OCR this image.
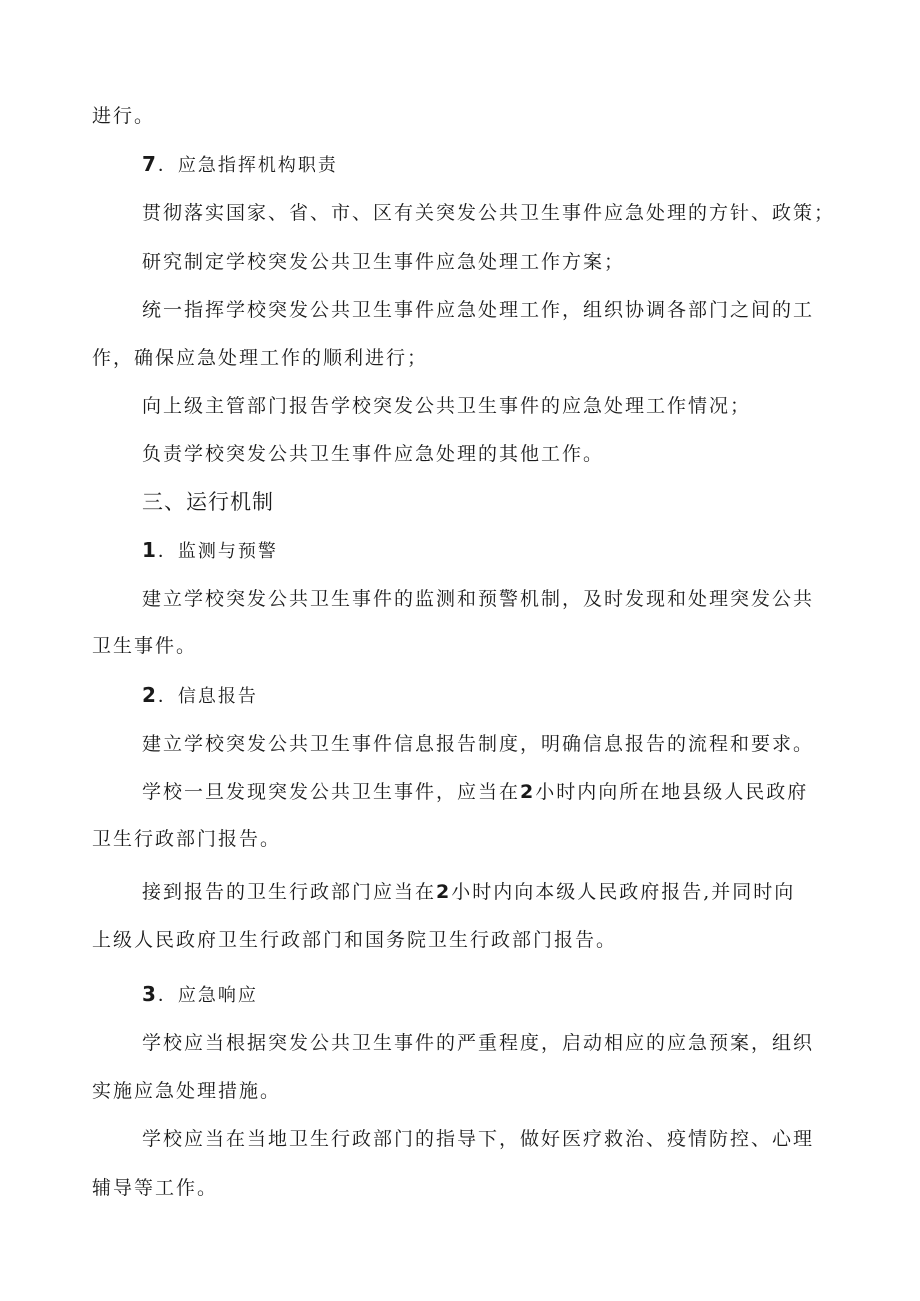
进行。
7．应急指挥机构职责
贯彻落实国家、省、市、区有关突发公共卫生事件应急处理的方针、政策；
研究制定学校突发公共卫生事件应急处理工作方案；
统一指挥学校突发公共卫生事件应急处理工作，组织协调各部门之间的工
作，确保应急处理工作的顺利进行；
向上级主管部门报告学校突发公共卫生事件的应急处理工作情况；
负责学校突发公共卫生事件应急处理的其他工作。
三、运行机制
1．监测与预警
建立学校突发公共卫生事件的监测和预警机制，及时发现和处理突发公共
卫生事件。
2．信息报告
建立学校突发公共卫生事件信息报告制度，明确信息报告的流程和要求。
学校一旦发现突发公共卫生事件，应当在2小时内向所在地县级人民政府
卫生行政部门报告。
接到报告的卫生行政部门应当在2小时内向本级人民政府报告,并同时向
上级人民政府卫生行政部门和国务院卫生行政部门报告。
3．应急响应
学校应当根据突发公共卫生事件的严重程度，启动相应的应急预案，组织
实施应急处理措施。
学校应当在当地卫生行政部门的指导下，做好医疗救治、疫情防控、心理
辅导等工作。
